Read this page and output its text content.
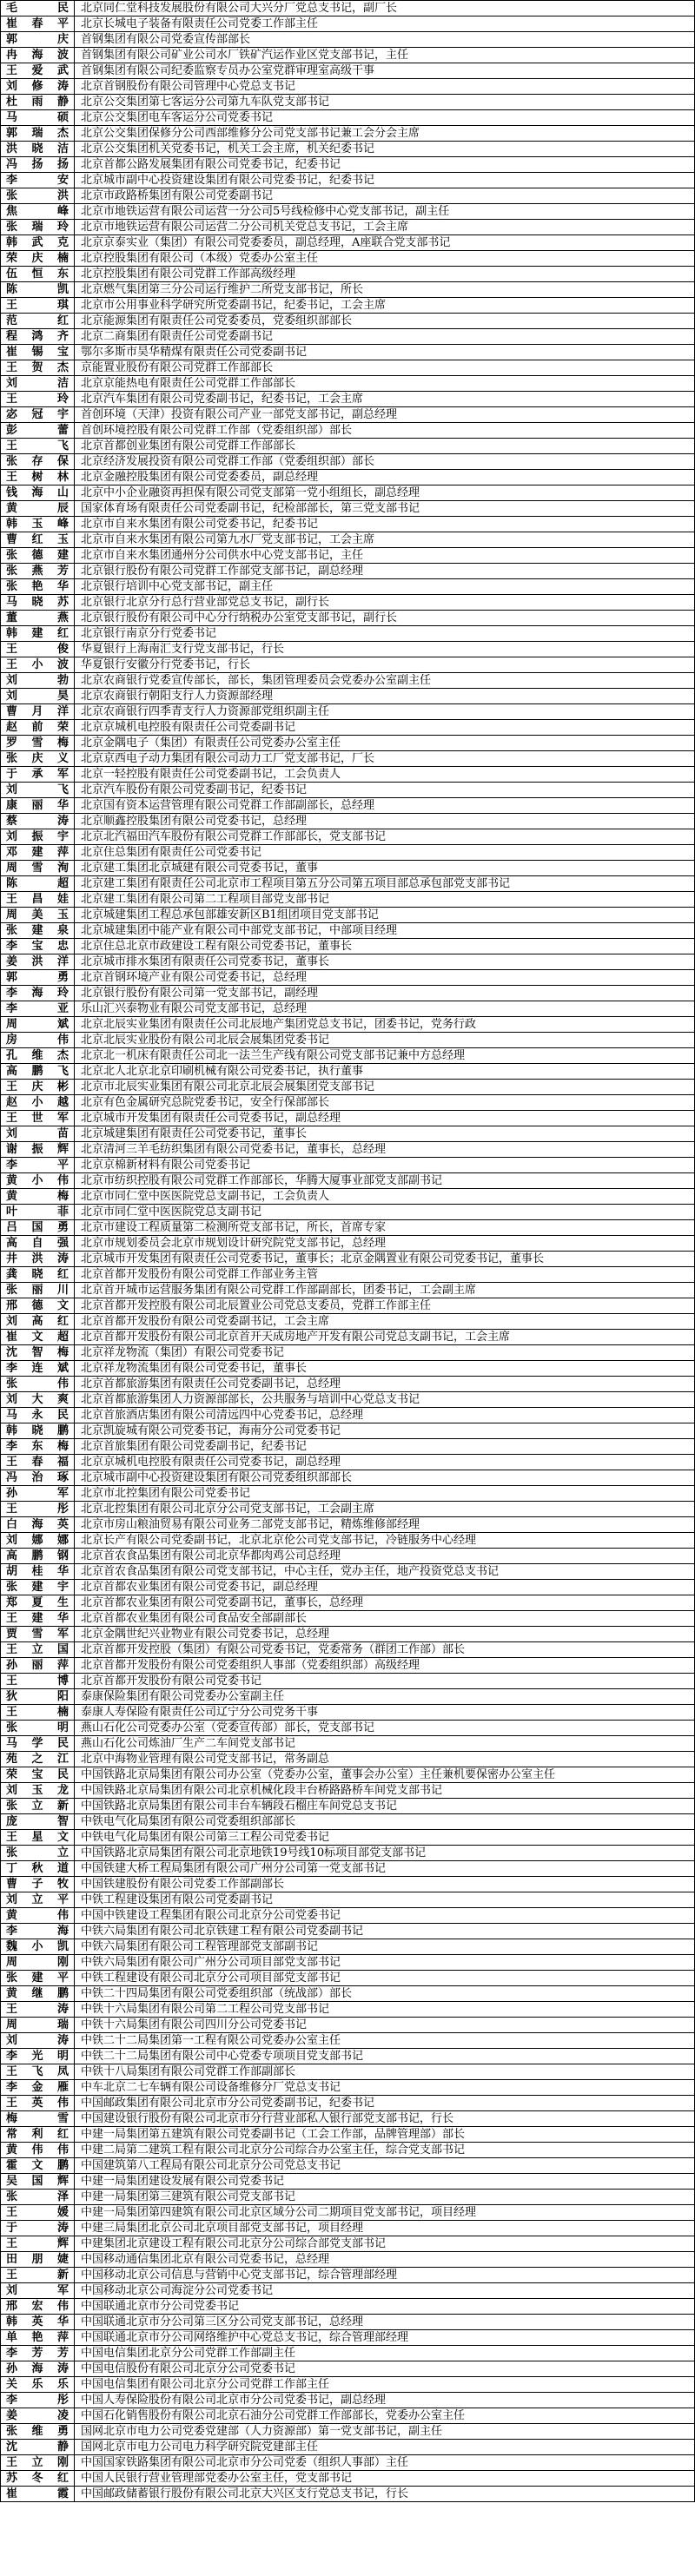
毛　民	北京同仁堂科技发展股份有限公司大兴分厂党总支书记，副厂长
崔春平	北京长城电子装备有限责任公司党委工作部主任
郭　庆	首钢集团有限公司党委宣传部部长
冉海波	首钢集团有限公司矿业公司水厂铁矿汽运作业区党支部书记，主任
王爱武	首钢集团有限公司纪委监察专员办公室党群审理室高级干事
刘修涛	北京首钢股份有限公司管理中心党总支书记
杜雨静	北京公交集团第七客运分公司第九车队党支部书记
马　硕	北京公交集团电车客运分公司党委书记
郭瑞杰	北京公交集团保修分公司西部维修分公司党支部书记兼工会分会主席
洪晓洁	北京公交集团机关党委书记，机关工会主席，机关纪委书记
冯扬扬	北京首都公路发展集团有限公司党委书记，纪委书记
李　安	北京城市副中心投资建设集团有限公司党委书记，纪委书记
张　洪	北京市政路桥集团有限公司党委副书记
焦　峰	北京市地铁运营有限公司运营一分公司5号线检修中心党支部书记，副主任
张瑞玲	北京市地铁运营有限公司运营二分公司机关党总支书记，工会主席
韩武克	北京京泰实业（集团）有限公司党委委员，副总经理，A座联合党支部书记
荣庆楠	北京控股集团有限公司（本级）党委办公室主任
伍恒东	北京控股集团有限公司党群工作部高级经理
陈　凯	北京燃气集团第三分公司运行维护二所党支部书记，所长
王　琪	北京市公用事业科学研究所党委副书记，纪委书记，工会主席
范　红	北京能源集团有限责任公司党委委员，党委组织部部长
程鸿齐	北京二商集团有限责任公司党委副书记
崔锡宝	鄂尔多斯市昊华精煤有限责任公司党委副书记
王贺杰	京能置业股份有限公司党群工作部部长
刘　洁	北京京能热电有限责任公司党群工作部部长
王　玲	北京汽车集团有限公司党委副书记，纪委书记，工会主席
宓冠宇	首创环境（天津）投资有限公司产业一部党支部书记，副总经理
彭　蕾	首创环境控股有限公司党群工作部（党委组织部）部长
王　飞	北京首都创业集团有限公司党群工作部部长
张存保	北京经济发展投资有限公司党群工作部（党委组织部）部长
王树林	北京金融控股集团有限公司党委委员，副总经理
钱海山	北京中小企业融资再担保有限公司党支部第一党小组组长，副总经理
黄　辰	国家体育场有限责任公司党委副书记，纪检部部长，第三党支部书记
韩玉峰	北京市自来水集团有限公司党委书记，纪委书记
曹红玉	北京市自来水集团有限公司第九水厂党支部书记，工会主席
张德建	北京市自来水集团通州分公司供水中心党支部书记，主任
张燕芳	北京银行股份有限公司党群工作部党支部书记，副总经理
张艳华	北京银行培训中心党支部书记，副主任
马晓苏	北京银行北京分行总行营业部党总支书记，副行长
董　燕	北京银行股份有限公司中心分行纳税办公室党支部书记，副行长
韩建红	北京银行南京分行党委书记
王　俊	华夏银行上海南汇支行党支部书记，行长
王小波	华夏银行安徽分行党委书记，行长
刘　勃	北京农商银行党委宣传部长，部长，集团管理委员会党委办公室副主任
刘　昊	北京农商银行朝阳支行人力资源部经理
曹月洋	北京农商银行四季青支行人力资源部党组织副主任
赵前荣	北京京城机电控股有限责任公司党委副书记
罗雪梅	北京金隅电子（集团）有限责任公司党委办公室主任
张庆义	北京京西电子动力集团有限公司动力工厂党支部书记，厂长
于承军	北京一轻控股有限责任公司党委副书记，工会负责人
刘　飞	北京汽车股份有限公司党委副书记，纪委书记
康丽华	北京国有资本运营管理有限公司党群工作部副部长，总经理
蔡　涛	北京顺鑫控股集团有限公司党委书记，总经理
刘振宇	北京北汽福田汽车股份有限公司党群工作部部长，党支部书记
邓建萍	北京住总集团有限责任公司党委书记
周雪洵	北京建工集团北京城建有限公司党委书记，董事
陈　超	北京建工集团有限责任公司北京市工程项目第五分公司第五项目部总承包部党支部书记
王昌娃	北京建工集团有限公司第二工程项目部党支部书记
周美玉	北京城建集团工程总承包部雄安新区B1组团项目党支部书记
张建泉	北京城建集团中能产业有限公司中部党支部书记，中部项目经理
李宝忠	北京住总北京市政建设工程有限公司党委书记，董事长
姜洪洋	北京城市排水集团有限责任公司党委书记，董事长
郭　勇	北京首钢环境产业有限公司党委书记，总经理
李海玲	北京银行股份有限公司第一党支部书记，副经理
李　亚	乐山汇兴泰物业有限公司党支部书记，总经理
周　斌	北京北辰实业集团有限责任公司北辰地产集团党总支书记，团委书记，党务行政
房　伟	北京北辰实业股份有限公司北辰会展集团党委书记
孔维杰	北京北一机床有限责任公司北一法兰生产线有限公司党支部书记兼中方总经理
高鹏飞	北京北人北京北京印刷机械有限公司党委书记，执行董事
王庆彬	北京市北辰实业集团有限公司北京北辰会展集团党支部书记
赵小越	北京有色金属研究总院党委书记，安全行保部部长
王世军	北京城市开发集团有限责任公司党委书记，副总经理
刘　苗	北京城建集团有限责任公司党委书记，董事长
谢振辉	北京清河三羊毛纺织集团有限公司党委书记，董事长，总经理
李　平	北京京棉新材料有限公司党委书记
黄小伟	北京市纺织控股有限公司党群工作部部长，华腾大厦事业部党支部副书记
黄　梅	北京市同仁堂中医医院党总支副书记，工会负责人
叶　菲	北京市同仁堂中医医院党总支副书记
吕国勇	北京市建设工程质量第二检测所党支部书记，所长，首席专家
高自强	北京市规划委员会北京市规划设计研究院党支部书记，总经理
井洪涛	北京城市开发集团有限责任公司党委书记，董事长；北京金隅置业有限公司党委书记，董事长
龚晓红	北京首都开发股份有限公司党群工作部业务主管
张丽川	北京首开城市运营服务集团有限公司党群工作部副部长，团委书记，工会副主席
邢德文	北京首都开发控股有限公司北辰置业公司党总支委员，党群工作部主任
刘高红	北京首都开发股份有限公司党委副书记，工会主席
崔文超	北京首都开发股份有限公司北京首开天成房地产开发有限公司党总支副书记，工会主席
沈智梅	北京祥龙物流（集团）有限公司党委书记
李连斌	北京祥龙物流集团有限公司党委书记，董事长
张　伟	北京首都旅游集团有限责任公司党委副书记，总经理
刘大爽	北京首都旅游集团人力资源部部长，公共服务与培训中心党总支书记
马永民	北京首旅酒店集团有限公司清远四中心党委书记，总经理
韩晓鹏	北京凯旋城有限公司党委书记，海南分公司党委书记
李东梅	北京首旅集团有限公司党委副书记，纪委书记
王春福	北京京城机电控股有限责任公司党委书记，副总经理
冯治琢	北京城市副中心投资建设集团有限公司党委组织部部长
孙　军	北京市北控集团有限公司党委书记
王　彤	北京北控集团有限公司北京分公司党支部书记，工会副主席
白海英	北京市房山粮油贸易有限公司业务二部党支部书记，精炼维修部经理
刘娜娜	北京长产有限公司党委副书记，北京北京伦公司党支部书记，冷链服务中心经理
高鹏钢	北京首农食品集团有限公司北京华都肉鸡公司总经理
胡桂华	北京首农食品集团有限公司党支部书记，中心主任，党办主任，地产投资党总支书记
张建宇	北京首都农业集团有限公司党委书记，副总经理
郑夏生	北京首都农业集团有限公司党委副书记，董事长，总经理
王建华	北京首都农业集团有限公司食品安全部副部长
贾雪军	北京金隅世纪兴业物业有限公司党委书记，总经理
王立国	北京首都开发控股（集团）有限公司党委书记，党委常务（群团工作部）部长
孙丽萍	北京首都开发股份有限公司党委组织人事部（党委组织部）高级经理
王　博	北京首都开发股份有限公司党委书记
狄　阳	泰康保险集团有限公司党委办公室副主任
王　楠	泰康人寿保险有限责任公司辽宁分公司党务干事
张　明	燕山石化公司党委办公室（党委宣传部）部长，党支部书记
马学民	燕山石化公司炼油厂生产二车间党支部书记
苑之江	北京中海物业管理有限公司党支部书记，常务副总
荣宝民	中国铁路北京局集团有限公司办公室（党委办公室，董事会办公室）主任兼机要保密办公室主任
刘玉龙	中国铁路北京局集团有限公司北京机械化段丰台桥路路桥车间党支部书记
张立新	中国铁路北京局集团有限公司丰台车辆段石榴庄车间党总支书记
庞　智	中铁电气化局集团有限公司党委组织部部长
王星文	中铁电气化局集团有限公司第三工程公司党委书记
张　立	中国铁路北京局集团有限公司北京地铁19号线10标项目部党支部书记
丁秋道	中国铁建大桥工程局集团有限公司广州分公司第一党支部书记
曹子牧	中国铁建股份有限公司党委工作部副部长
刘立平	中铁工程建设集团有限公司党委副书记
黄　伟	中国中铁建设工程集团有限公司北京分公司党委书记
李　海	中铁六局集团有限公司北京铁建工程有限公司党委副书记
魏小凯	中铁六局集团有限公司工程管理部党支部副书记
周　刚	中铁六局集团有限公司广州分公司项目部党支部书记
张建平	中铁工程建设有限公司北京分公司项目部党支部书记
黄继鹏	中铁二十四局集团有限公司党委组织部（统战部）部长
王　涛	中铁十六局集团有限公司第二工程公司党支部书记
周　瑞	中铁十六局集团有限公司四川分公司党委书记
刘　涛	中铁二十二局集团第一工程有限公司党委办公室主任
李光明	中铁二十二局集团有限公司中心党委专项项目党支部书记
王飞凤	中铁十八局集团有限公司党群工作部副部长
李金雁	中车北京二七车辆有限公司设备维修分厂党总支书记
王英伟	中国邮政集团有限公司北京市分公司党委副书记，纪委书记
梅　雪	中国建设银行股份有限公司北京市分行营业部私人银行部党支部书记，行长
常利红	中建一局集团第五建筑有限公司党委副书记（工会工作部，品牌管理部）部长
黄伟伟	中建二局第二建筑工程有限公司北京分公司综合办公室主任，综合党支部书记
霍文鹏	中国建筑第八工程局有限公司北京分公司党总支书记
吴国辉	中建一局集团建设发展有限公司党委书记
张　泽	中建一局集团第三建筑有限公司党支部书记
王　媛	中建一局集团第四建筑有限公司北京区域分公司二期项目党支部书记，项目经理
于　涛	中建三局集团北京公司北京项目部党支部书记，项目经理
王　辉	中建集团北京建设工程有限公司北京分公司综合部党支部书记
田朋婕	中国移动通信集团北京有限公司党委书记，总经理
王　新	中国移动北京公司信息与营销中心党支部书记，综合管理部经理
刘　军	中国移动北京公司海淀分公司党委书记
邢宏伟	中国联通北京市分公司党委书记
韩英华	中国联通北京市分公司第三区分公司党支部书记，总经理
单艳萍	中国联通北京市分公司网络维护中心党总支书记，综合管理部经理
李芳芳	中国电信集团北京分公司党群工作部副主任
孙海涛	中国电信股份有限公司北京分公司党委书记
关乐乐	中国电信集团有限公司北京分公司党群工作部主任
李　彤	中国人寿保险股份有限公司北京市分公司党委书记，副总经理
姜　凌	中国石化销售股份有限公司北京石油分公司党群工作部部长，党委办公室主任
张维勇	国网北京市电力公司党委党建部（人力资源部）第一党支部书记，副主任
沈　静	国网北京市电力公司电力科学研究院党建部主任
王立刚	中国国家铁路集团有限公司北京市分公司党委（组织人事部）主任
苏冬红	中国人民银行营业管理部党委办公室主任，党支部书记
崔　霞	中国邮政储蓄银行股份有限公司北京大兴区支行党总支书记，行长
